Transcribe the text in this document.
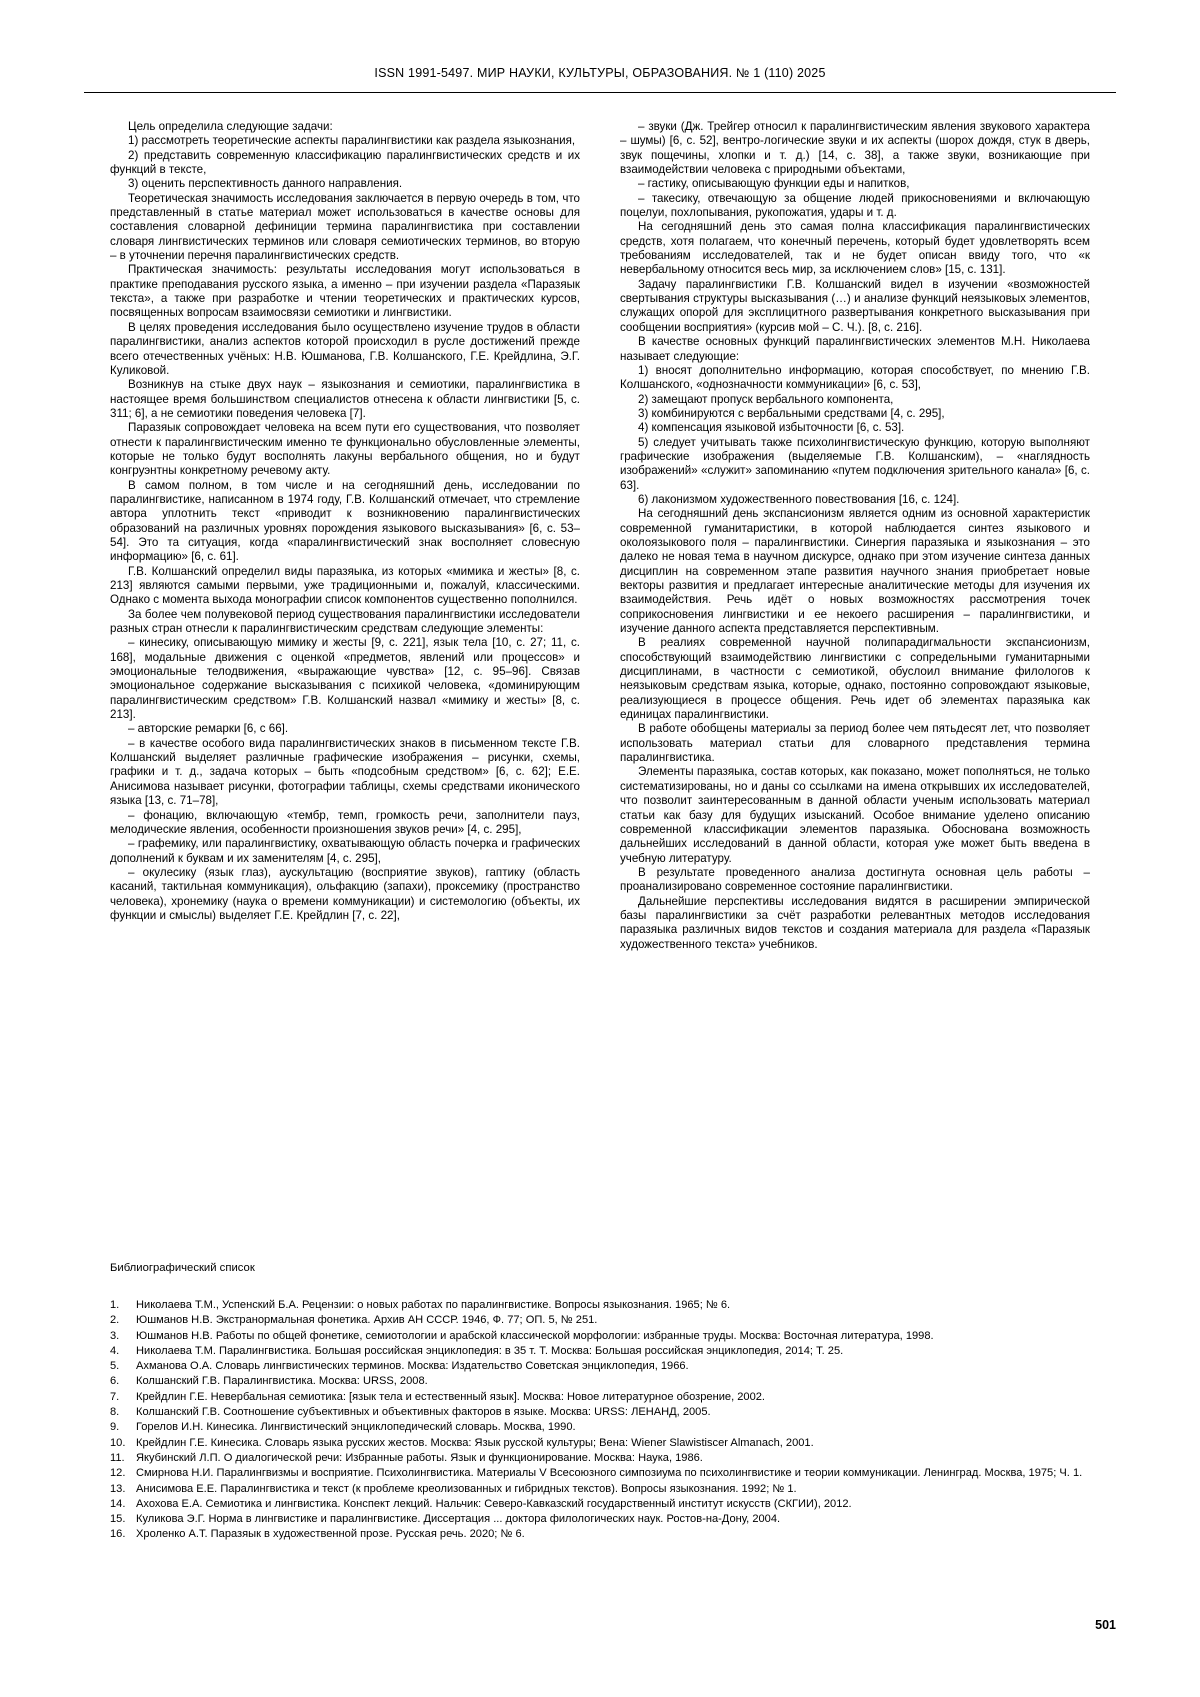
ISSN 1991-5497. МИР НАУКИ, КУЛЬТУРЫ, ОБРАЗОВАНИЯ. № 1 (110) 2025

Цель определила следующие задачи:

1) рассмотреть теоретические аспекты паралингвистики как раздела языкознания,

2) представить современную классификацию паралингвистических средств и их функций в тексте,

3) оценить перспективность данного направления.

Теоретическая значимость исследования заключается в первую очередь в том, что представленный в статье материал может использоваться в качестве основы для составления словарной дефиниции термина паралингвистика при составлении словаря лингвистических терминов или словаря семиотических терминов, во вторую – в уточнении перечня паралингвистических средств.

Практическая значимость: результаты исследования могут использоваться в практике преподавания русского языка, а именно – при изучении раздела «Паразяык текста», а также при разработке и чтении теоретических и практических курсов, посвященных вопросам взаимосвязи семиотики и лингвистики.

В целях проведения исследования было осуществлено изучение трудов в области паралингвистики, анализ аспектов которой происходил в русле достижений прежде всего отечественных учёных: Н.В. Юшманова, Г.В. Колшанского, Г.Е. Крейдлина, Э.Г. Куликовой.

Возникнув на стыке двух наук – языкознания и семиотики, паралингвистика в настоящее время большинством специалистов отнесена к области лингвистики [5, с. 311; 6], а не семиотики поведения человека [7].

Паразяык сопровождает человека на всем пути его существования, что позволяет отнести к паралингвистическим именно те функционально обусловленные элементы, которые не только будут восполнять лакуны вербального общения, но и будут конгруэнтны конкретному речевому акту.

В самом полном, в том числе и на сегодняшний день, исследовании по паралингвистике, написанном в 1974 году, Г.В. Колшанский отмечает, что стремление автора уплотнить текст «приводит к возникновению паралингвистических образований на различных уровнях порождения языкового высказывания» [6, с. 53–54]. Это та ситуация, когда «паралингвистический знак восполняет словесную информацию» [6, с. 61].

Г.В. Колшанский определил виды паразяыка, из которых «мимика и жесты» [8, с. 213] являются самыми первыми, уже традиционными и, пожалуй, классическими. Однако с момента выхода монографии список компонентов существенно пополнился.

За более чем полувековой период существования паралингвистики исследователи разных стран отнесли к паралингвистическим средствам следующие элементы:

– кинесику, описывающую мимику и жесты [9, с. 221], язык тела [10, с. 27; 11, с. 168], модальные движения с оценкой «предметов, явлений или процессов» и эмоциональные телодвижения, «выражающие чувства» [12, с. 95–96]. Связав эмоциональное содержание высказывания с психикой человека, «доминирующим паралингвистическим средством» Г.В. Колшанский назвал «мимику и жесты» [8, с. 213].

– авторские ремарки [6, с 66].

– в качестве особого вида паралингвистических знаков в письменном тексте Г.В. Колшанский выделяет различные графические изображения – рисунки, схемы, графики и т. д., задача которых – быть «подсобным средством» [6, с. 62]; Е.Е. Анисимова называет рисунки, фотографии таблицы, схемы средствами иконического языка [13, с. 71–78],

– фонацию, включающую «тембр, темп, громкость речи, заполнители пауз, мелодические явления, особенности произношения звуков речи» [4, с. 295],

– графемику, или паралингвистику, охватывающую область почерка и графических дополнений к буквам и их заменителям [4, с. 295],

– окулесику (язык глаз), аускультацию (восприятие звуков), гаптику (область касаний, тактильная коммуникация), ольфакцию (запахи), проксемику (пространство человека), хронемику (наука о времени коммуникации) и системологию (объекты, их функции и смыслы) выделяет Г.Е. Крейдлин [7, с. 22],

– звуки (Дж. Трейгер относил к паралингвистическим явления звукового характера – шумы) [6, с. 52], вентро-логические звуки и их аспекты (шорох дождя, стук в дверь, звук пощечины, хлопки и т. д.) [14, с. 38], а также звуки, возникающие при взаимодействии человека с природными объектами,

– гастику, описывающую функции еды и напитков,

– такесику, отвечающую за общение людей прикосновениями и включающую поцелуи, похлопывания, рукопожатия, удары и т. д.

На сегодняшний день это самая полна классификация паралингвистических средств, хотя полагаем, что конечный перечень, который будет удовлетворять всем требованиям исследователей, так и не будет описан ввиду того, что «к невербальному относится весь мир, за исключением слов» [15, с. 131].

Задачу паралингвистики Г.В. Колшанский видел в изучении «возможностей свертывания структуры высказывания (…) и анализе функций неязыковых элементов, служащих опорой для эксплицитного развертывания конкретного высказывания при сообщении восприятия» (курсив мой – С. Ч.). [8, с. 216].

В качестве основных функций паралингвистических элементов М.Н. Николаева называет следующие:

1) вносят дополнительно информацию, которая способствует, по мнению Г.В. Колшанского, «однозначности коммуникации» [6, с. 53],

2) замещают пропуск вербального компонента,

3) комбинируются с вербальными средствами [4, с. 295],

4) компенсация языковой избыточности [6, с. 53].

5) следует учитывать также психолингвистическую функцию, которую выполняют графические изображения (выделяемые Г.В. Колшанским), – «наглядность изображений» «служит» запоминанию «путем подключения зрительного канала» [6, с. 63].

6) лаконизмом художественного повествования [16, с. 124].

На сегодняшний день экспансионизм является одним из основной характеристик современной гуманитаристики, в которой наблюдается синтез языкового и околоязыкового поля – паралингвистики. Синергия паразяыка и языкознания – это далеко не новая тема в научном дискурсе, однако при этом изучение синтеза данных дисциплин на современном этапе развития научного знания приобретает новые векторы развития и предлагает интересные аналитические методы для изучения их взаимодействия. Речь идёт о новых возможностях рассмотрения точек соприкосновения лингвистики и ее некоего расширения – паралингвистики, и изучение данного аспекта представляется перспективным.

В реалиях современной научной полипарадигмальности экспансионизм, способствующий взаимодействию лингвистики с сопредельными гуманитарными дисциплинами, в частности с семиотикой, обуслоил внимание филологов к неязыковым средствам языка, которые, однако, постоянно сопровождают языковые, реализующиеся в процессе общения. Речь идет об элементах паразяыка как единицах паралингвистики.

В работе обобщены материалы за период более чем пятьдесят лет, что позволяет использовать материал статьи для словарного представления термина паралингвистика.

Элементы паразяыка, состав которых, как показано, может пополняться, не только систематизированы, но и даны со ссылками на имена открывших их исследователей, что позволит заинтересованным в данной области ученым использовать материал статьи как базу для будущих изысканий. Особое внимание уделено описанию современной классификации элементов паразяыка. Обоснована возможность дальнейших исследований в данной области, которая уже может быть введена в учебную литературу.

В результате проведенного анализа достигнута основная цель работы – проанализировано современное состояние паралингвистики.

Дальнейшие перспективы исследования видятся в расширении эмпирической базы паралингвистики за счёт разработки релевантных методов исследования паразяыка различных видов текстов и создания материала для раздела «Паразяык художественного текста» учебников.

Библиографический список
1.	Николаева Т.М., Успенский Б.А. Рецензии: о новых работах по паралингвистике. Вопросы языкознания. 1965; № 6.
2.	Юшманов Н.В. Экстранормальная фонетика. Архив АН СССР. 1946, Ф. 77; ОП. 5, № 251.
3.	Юшманов Н.В. Работы по общей фонетике, семиотологии и арабской классической морфологии: избранные труды. Москва: Восточная литература, 1998.
4.	Николаева Т.М. Паралингвистика. Большая российская энциклопедия: в 35 т. Т. Москва: Большая российская энциклопедия, 2014; Т. 25.
5.	Ахманова О.А. Словарь лингвистических терминов. Москва: Издательство Советская энциклопедия, 1966.
6.	Колшанский Г.В. Паралингвистика. Москва: URSS, 2008.
7.	Крейдлин Г.Е. Невербальная семиотика: [язык тела и естественный язык]. Москва: Новое литературное обозрение, 2002.
8.	Колшанский Г.В. Соотношение субъективных и объективных факторов в языке. Москва: URSS: ЛЕНАНД, 2005.
9.	Горелов И.Н. Кинесика. Лингвистический энциклопедический словарь. Москва, 1990.
10. Крейдлин Г.Е. Кинесика. Словарь языка русских жестов. Москва: Язык русской культуры; Вена: Wiener Slawistiscer Almanach, 2001.
11.	Якубинский Л.П. О диалогической речи: Избранные работы. Язык и функционирование. Москва: Наука, 1986.
12. Смирнова Н.И. Паралингвизмы и восприятие. Психолингвистика. Материалы V Всесоюзного симпозиума по психолингвистике и теории коммуникации. Ленинград. Москва, 1975; Ч. 1.
13. Анисимова Е.Е. Паралингвистика и текст (к проблеме креолизованных и гибридных текстов). Вопросы языкознания. 1992; № 1.
14. Ахохова Е.А. Семиотика и лингвистика. Конспект лекций. Нальчик: Северо-Кавказский государственный институт искусств (СКГИИ), 2012.
15. Куликова Э.Г. Норма в лингвистике и паралингвистике. Диссертация ... доктора филологических наук. Ростов-на-Дону, 2004.
16. Хроленко А.Т. Паразяык в художественной прозе. Русская речь. 2020; № 6.
501
